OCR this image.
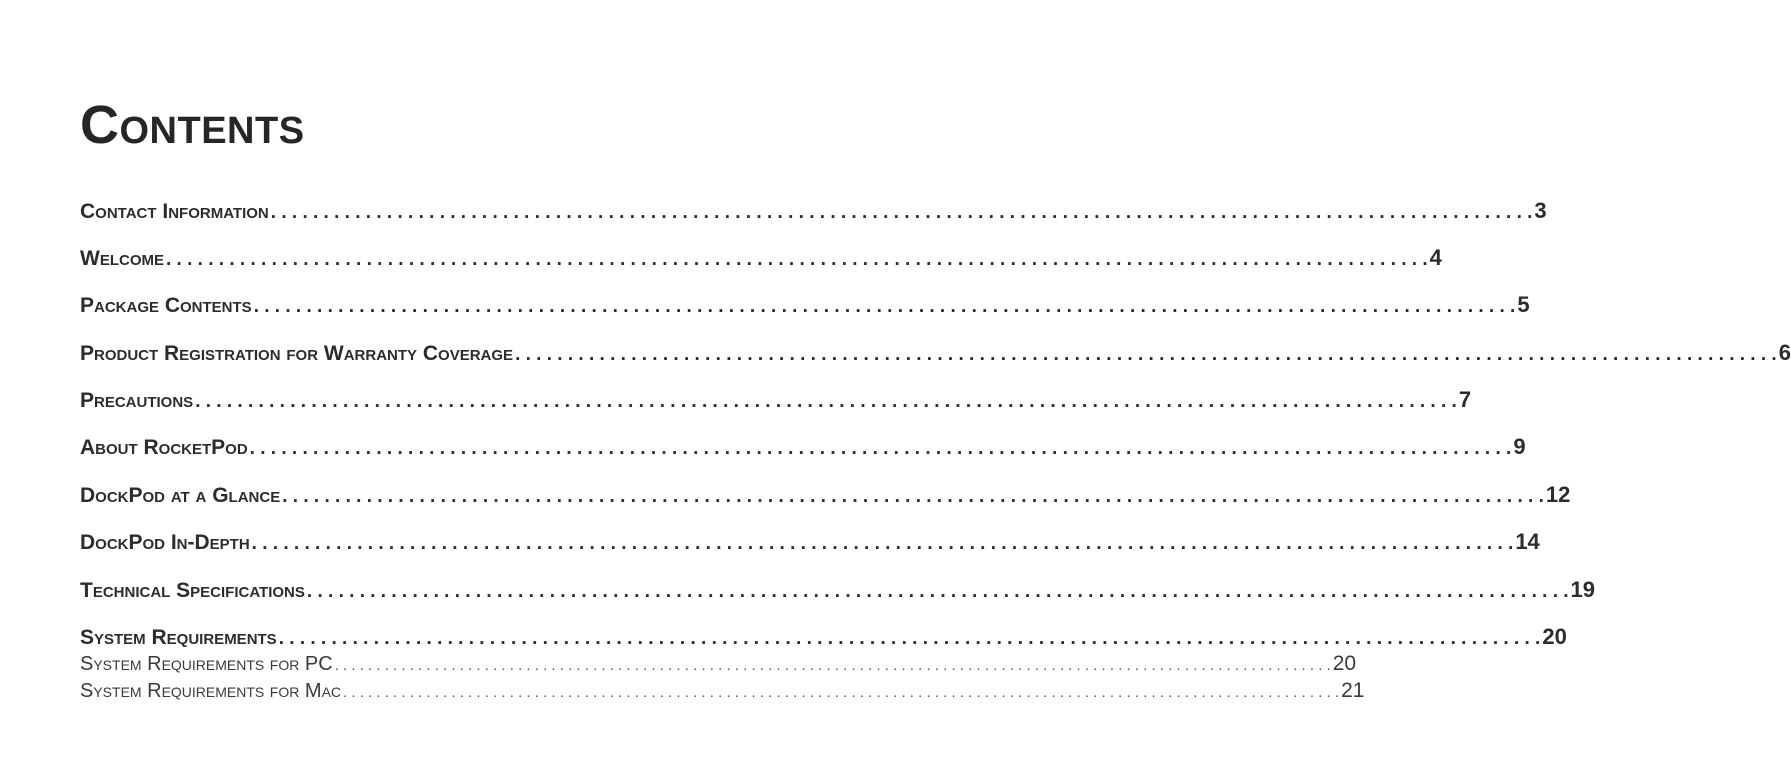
Contents
Contact Information . . . . . . . . . . . . . . . . . . . . . . . . . . . . . . . . . . . . . . . . . . . . . . . . . . . . . . . . . . . . . . . . . . . . . . . . . . . . . . . . . . . . . . . . . . . . . . . . . . . . . . . . . . . . . . . . . . . . . . . . 3
Welcome . . . . . . . . . . . . . . . . . . . . . . . . . . . . . . . . . . . . . . . . . . . . . . . . . . . . . . . . . . . . . . . . . . . . . . . . . . . . . . . . . . . . . . . . . . . . . . . . . . . . . . . . . . . . . . . . . . . . . . . . 4
Package Contents . . . . . . . . . . . . . . . . . . . . . . . . . . . . . . . . . . . . . . . . . . . . . . . . . . . . . . . . . . . . . . . . . . . . . . . . . . . . . . . . . . . . . . . . . . . . . . . . . . . . . . . . . . . . . . . . . . . . . . . . 5
Product Registration for Warranty Coverage . . . . . . . . . . . . . . . . . . . . . . . . . . . . . . . . . . . . . . . . . . . . . . . . . . . . . . . . . . . . . . . . . . . . . . . . . . . . . . . . . . . . . . . . . . . . . . . . . . . . . . . . . . . . . . . . . . . . . . . . 6
Precautions . . . . . . . . . . . . . . . . . . . . . . . . . . . . . . . . . . . . . . . . . . . . . . . . . . . . . . . . . . . . . . . . . . . . . . . . . . . . . . . . . . . . . . . . . . . . . . . . . . . . . . . . . . . . . . . . . . . . . . . . 7
About RocketPod . . . . . . . . . . . . . . . . . . . . . . . . . . . . . . . . . . . . . . . . . . . . . . . . . . . . . . . . . . . . . . . . . . . . . . . . . . . . . . . . . . . . . . . . . . . . . . . . . . . . . . . . . . . . . . . . . . . . . . . . 9
DockPod at a Glance . . . . . . . . . . . . . . . . . . . . . . . . . . . . . . . . . . . . . . . . . . . . . . . . . . . . . . . . . . . . . . . . . . . . . . . . . . . . . . . . . . . . . . . . . . . . . . . . . . . . . . . . . . . . . . . . . . . . . . . . 12
DockPod In-Depth . . . . . . . . . . . . . . . . . . . . . . . . . . . . . . . . . . . . . . . . . . . . . . . . . . . . . . . . . . . . . . . . . . . . . . . . . . . . . . . . . . . . . . . . . . . . . . . . . . . . . . . . . . . . . . . . . . . . . . . . 14
Technical Specifications . . . . . . . . . . . . . . . . . . . . . . . . . . . . . . . . . . . . . . . . . . . . . . . . . . . . . . . . . . . . . . . . . . . . . . . . . . . . . . . . . . . . . . . . . . . . . . . . . . . . . . . . . . . . . . . . . . . . . . . . 19
System Requirements . . . . . . . . . . . . . . . . . . . . . . . . . . . . . . . . . . . . . . . . . . . . . . . . . . . . . . . . . . . . . . . . . . . . . . . . . . . . . . . . . . . . . . . . . . . . . . . . . . . . . . . . . . . . . . . . . . . . . . . . 20
System Requirements for PC . . . . . . . . . . . . . . . . . . . . . . . . . . . . . . . . . . . . . . . . . . . . . . . . . . . . . . . . . . . . . . . . . . . . . . . . . . . . . . . . . . . . . . . . . . . . . . . . . . . . . . . . . . . . . . . . . . . . . . . . 20
System Requirements for Mac . . . . . . . . . . . . . . . . . . . . . . . . . . . . . . . . . . . . . . . . . . . . . . . . . . . . . . . . . . . . . . . . . . . . . . . . . . . . . . . . . . . . . . . . . . . . . . . . . . . . . . . . . . . . . . . . . . . . . . . . 21
